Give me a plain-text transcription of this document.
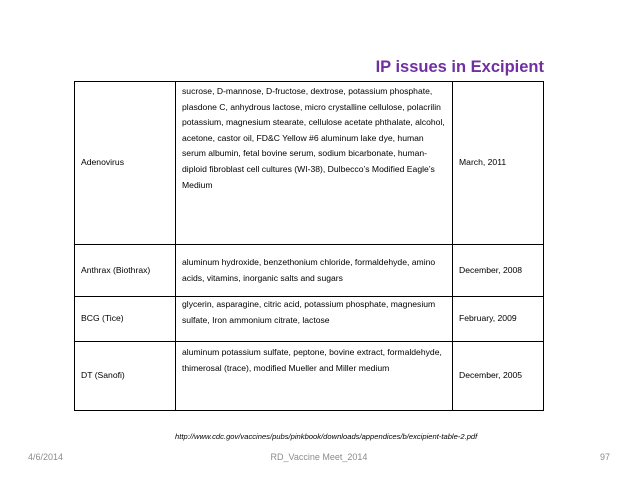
IP issues in Excipient
Adenovirus	sucrose, D-mannose, D-fructose, dextrose, potassium phosphate, plasdone C, anhydrous lactose, micro crystalline cellulose, polacrilin potassium, magnesium stearate, cellulose acetate phthalate, alcohol, acetone, castor oil, FD&C Yellow #6 aluminum lake dye, human serum albumin, fetal bovine serum, sodium bicarbonate, human-diploid fibroblast cell cultures (WI-38), Dulbecco’s Modified Eagle’s Medium	March, 2011
Anthrax (Biothrax)	aluminum hydroxide, benzethonium chloride, formaldehyde, amino acids, vitamins, inorganic salts and sugars	December, 2008
BCG (Tice)	glycerin, asparagine, citric acid, potassium phosphate, magnesium sulfate, Iron ammonium citrate, lactose	February, 2009
DT (Sanofi)	aluminum potassium sulfate, peptone, bovine extract, formaldehyde, thimerosal (trace), modified Mueller and Miller medium	December, 2005
http://www.cdc.gov/vaccines/pubs/pinkbook/downloads/appendices/b/excipient-table-2.pdf
4/6/2014	RD_Vaccine Meet_2014	97
